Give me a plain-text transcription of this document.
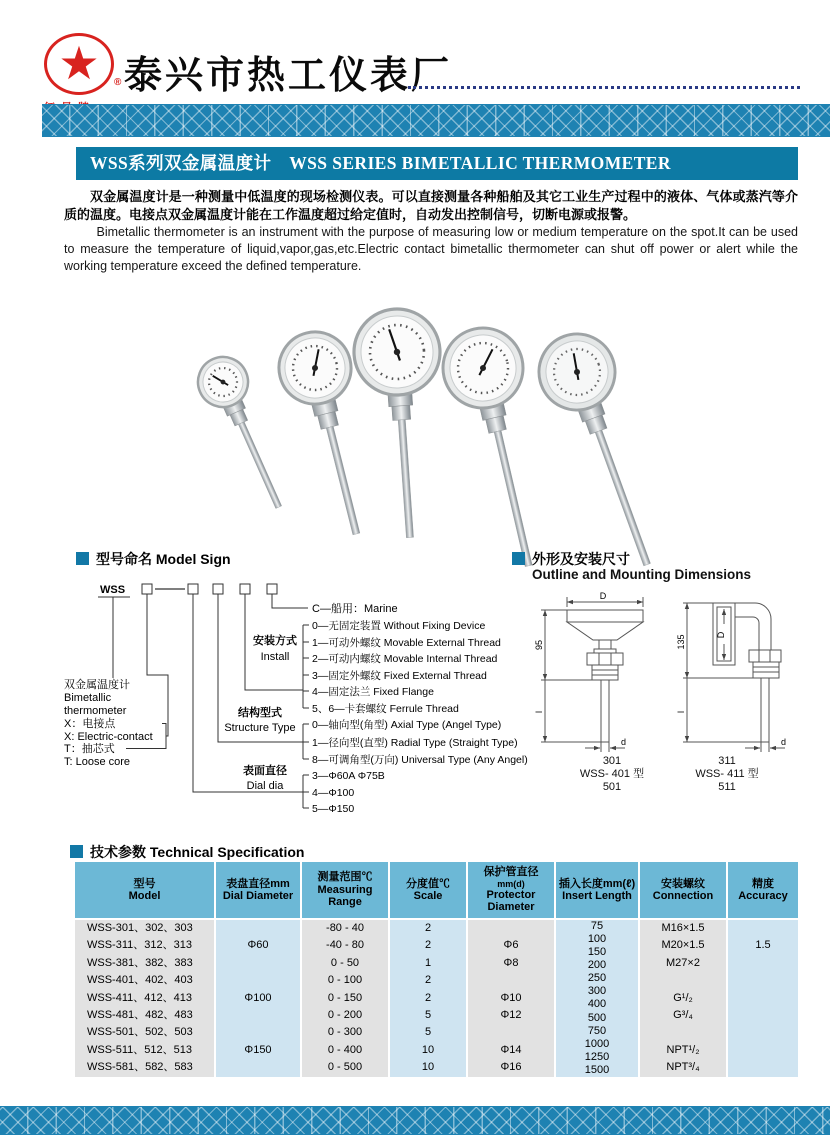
★ ® 泰兴市热工仪表厂
WSS系列双金属温度计　WSS SERIES BIMETALLIC THERMOMETER
双金属温度计是一种测量中低温度的现场检测仪表。可以直接测量各种船舶及其它工业生产过程中的液体、气体或蒸汽等介质的温度。电接点双金属温度计能在工作温度超过给定值时，自动发出控制信号，切断电源或报警。
Bimetallic thermometer is an instrument with the purpose of measuring low or medium temperature on the spot.It can be used to measure the temperature of liquid,vapor,gas,etc.Electric contact bimetallic thermometer can shut off power or alert while the working temperature exceed the defined temperature.
型号命名 Model Sign
WSS
C—船用：Marine
安装方式
Install
0—无固定装置 Without Fixing Device
1—可动外螺纹 Movable External Thread
2—可动内螺纹 Movable Internal Thread
3—固定外螺纹 Fixed External Thread
4—固定法兰 Fixed Flange
5、6—卡套螺纹 Ferrule Thread
结构型式
Structure Type 0—轴向型(角型) Axial Type (Angel Type)
1—径向型(直型) Radial Type (Straight Type)
8—可调角型(万向) Universal Type (Any Angel)
表面直径
Dial dia
3—Φ60A Φ75B
4—Φ100
5—Φ150
双金属温度计
Bimetallic
thermometer
X：电接点
X: Electric-contact
T：抽芯式
T: Loose core
外形及安装尺寸
Outline and Mounting Dimensions
D
95
l
d
D
135
l
d
301
WSS- 401 型
501
311
WSS- 411 型
511
技术参数 Technical Specification
型号
Model
表盘直径mm
Dial Diameter
测量范围℃
Measuring
Range
分度值℃
Scale
保护管直径
mm(d)
Protector
Diameter
插入长度mm(ℓ)
Insert Length
安装螺纹
Connection
精度
Accuracy
WSS-301、302、303
WSS-311、312、313
WSS-381、382、383
WSS-401、402、403
WSS-411、412、413
WSS-481、482、483
WSS-501、502、503
WSS-511、512、513
WSS-581、582、583
Φ60
Φ100
Φ150
-80 - 40
-40 - 80
0 - 50
0 - 100
0 - 150
0 - 200
0 - 300
0 - 400
0 - 500
2
2
1
2
2
5
5
10
10
Φ6
Φ8
Φ10
Φ12
Φ14
Φ16
75
100
150
200
250
300
400
500
750
1000
1250
1500
M16×1.5
M20×1.5
M27×2
G¹/₂
G³/₄
NPT¹/₂
NPT³/₄
1.5
